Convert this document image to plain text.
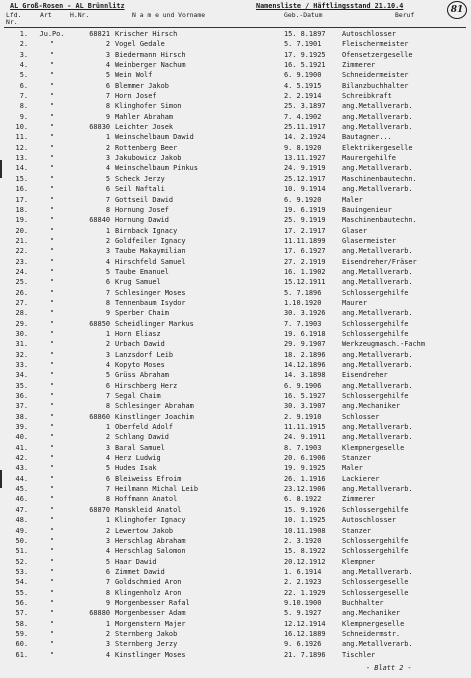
AL Groß-Rosen - AL Brünnlitz	Namensliste / Häftlingsstand 21.10.4	81
Lfd.
Nr.
Art	H.Nr.	N a m e und Vorname	Geb.-Datum	Beruf
1.	Ju.Po.	68821 Krischer Hirsch	15. 8.1897 Autoschlosser
2.	"	2 Vogel Gedale	5. 7.1901	Fleischermeister
3.	"	3 Biedermann Hirsch	17. 9.1925 Ofensetzergeselle
4.	"	4 Weinberger Nachum	16. 5.1921 Zimmerer
5.	"	5 Wein Wolf	6. 9.1900	Schneidermeister
6.	"	6 Blemmer Jakob	4. 5.1915	Bilanzbuchhalter
7.	"	7 Horn Josef	2. 2.1914	Schreibkraft
8.	"	8 Klinghofer Simon	25. 3.1897 ang.Metallverarb.
9.	"	9 Mahler Abraham	7. 4.1902	ang.Metallverarb.
10.	"	68830 Leichter Josek	25.11.1917 ang.Metallverarb.
11.	"	1 Weinschelbaum Dawid	14. 2.1924 Bautagner...
12.	"	2 Rottenberg Beer	9. 8.1920	Elektrikergeselle
13.	"	3 Jakubowicz Jakob	13.11.1927 Maurergehilfe
14.	"	4 Weinschelbaum Pinkus	24. 9.1919 ang.Metallverarb.
15.	"	5 Scheck Jerzy	25.12.1917 Maschinenbautechn.
16.	"	6 Seil Naftali	10. 9.1914 ang.Metallverarb.
17.	"	7 Gottseil Dawid	6. 9.1920	Maler
18.	"	8 Hornung Josef	19. 6.1919 Bauingenieur
19.	"	68840 Hornung Dawid	25. 9.1919 Maschinenbautechn.
20.	"	1 Birnback Ignacy	17. 2.1917 Glaser
21.	"	2 Goldfeiler Ignacy	11.11.1899 Glasermeister
22.	"	3 Taube Makaymilian	17. 6.1927 ang.Metallverarb.
23.	"	4 Hirschfeld Samuel	27. 2.1919 Eisendreher/Fräser
24.	"	5 Taube Emanuel	16. 1.1902 ang.Metallverarb.
25.	"	6 Krug Samuel	15.12.1911 ang.Metallverarb.
26.	"	7 Schlesinger Moses	5. 7.1896	Schlossergehilfe
27.	"	8 Tennenbaum Isydor	1.10.1920	Maurer
28.	"	9 Sperber Chaim	30. 3.1926 ang.Metallverarb.
29.	"	68850 Scheidlinger Markus	7. 7.1903	Schlossergehilfe
30.	"	1 Horn Eliasz	19. 6.1918 Schlossergehilfe
31.	"	2 Urbach Dawid	29. 9.1907 Werkzeugmasch.-Fachm
32.	"	3 Lanzsdorf Leib	18. 2.1896 ang.Metallverarb.
33.	"	4 Kopyto Moses	14.12.1896 ang.Metallverarb.
34.	"	5 Grüss Abraham	14. 3.1898 Eisendreher
35.	"	6 Hirschberg Herz	6. 9.1906	ang.Metallverarb.
36.	"	7 Segal Chaim	16. 5.1927 Schlossergehilfe
37.	"	8 Schlesinger Abraham	30. 3.1907 ang.Mechaniker
38.	"	68860 Kinstlinger Joachim	2. 9.1910	Schlosser
39.	"	1 Oberfeld Adolf	11.11.1915 ang.Metallverarb.
40.	"	2 Schlang Dawid	24. 9.1911 ang.Metallverarb.
41.	"	3 Baral Samuel	8. 7.1903	Klempnergeselle
42.	"	4 Herz Ludwig	20. 6.1906 Stanzer
43.	"	5 Hudes Isak	19. 9.1925 Maler
44.	"	6 Bleiweiss Efroim	26. 1.1916 Lackierer
45.	"	7 Heilmann Michal Leib	23.12.1906 ang.Metallverarb.
46.	"	8 Hoffmann Anatol	6. 8.1922	Zimmerer
47.	"	68870 Manskleid Anatol	15. 9.1926 Schlossergehilfe
48.	"	1 Klinghofer Ignacy	10. 1.1925 Autoschlosser
49.	"	2 Lewertow Jakob	10.11.1908 Stanzer
50.	"	3 Herschlag Abraham	2. 3.1920	Schlossergehilfe
51.	"	4 Herschlag Salomon	15. 8.1922 Schlossergehilfe
52.	"	5 Haar Dawid	20.12.1912 Klempner
53.	"	6 Zimmet Dawid	1. 6.1914	ang.Metallverarb.
54.	"	7 Goldschmied Aron	2. 2.1923	Schlossergeselle
55.	"	8 Klingenholz Aron	22. 1.1929 Schlossergeselle
56.	"	9 Morgenbesser Rafal	9.10.1900	Buchhalter
57.	"	68880 Morgenbesser Adam	5. 9.1927	ang.Mechaniker
58.	"	1 Morgenstern Majer	12.12.1914 Klempnergeselle
59.	"	2 Sternberg Jakob	16.12.1889 Schneidermstr.
60.	"	3 Sternberg Jerzy	9. 6.1926	ang.Metallverarb.
61.	"	4 Kinstlinger Moses	21. 7.1896 Tischler
- Blatt 2 -
